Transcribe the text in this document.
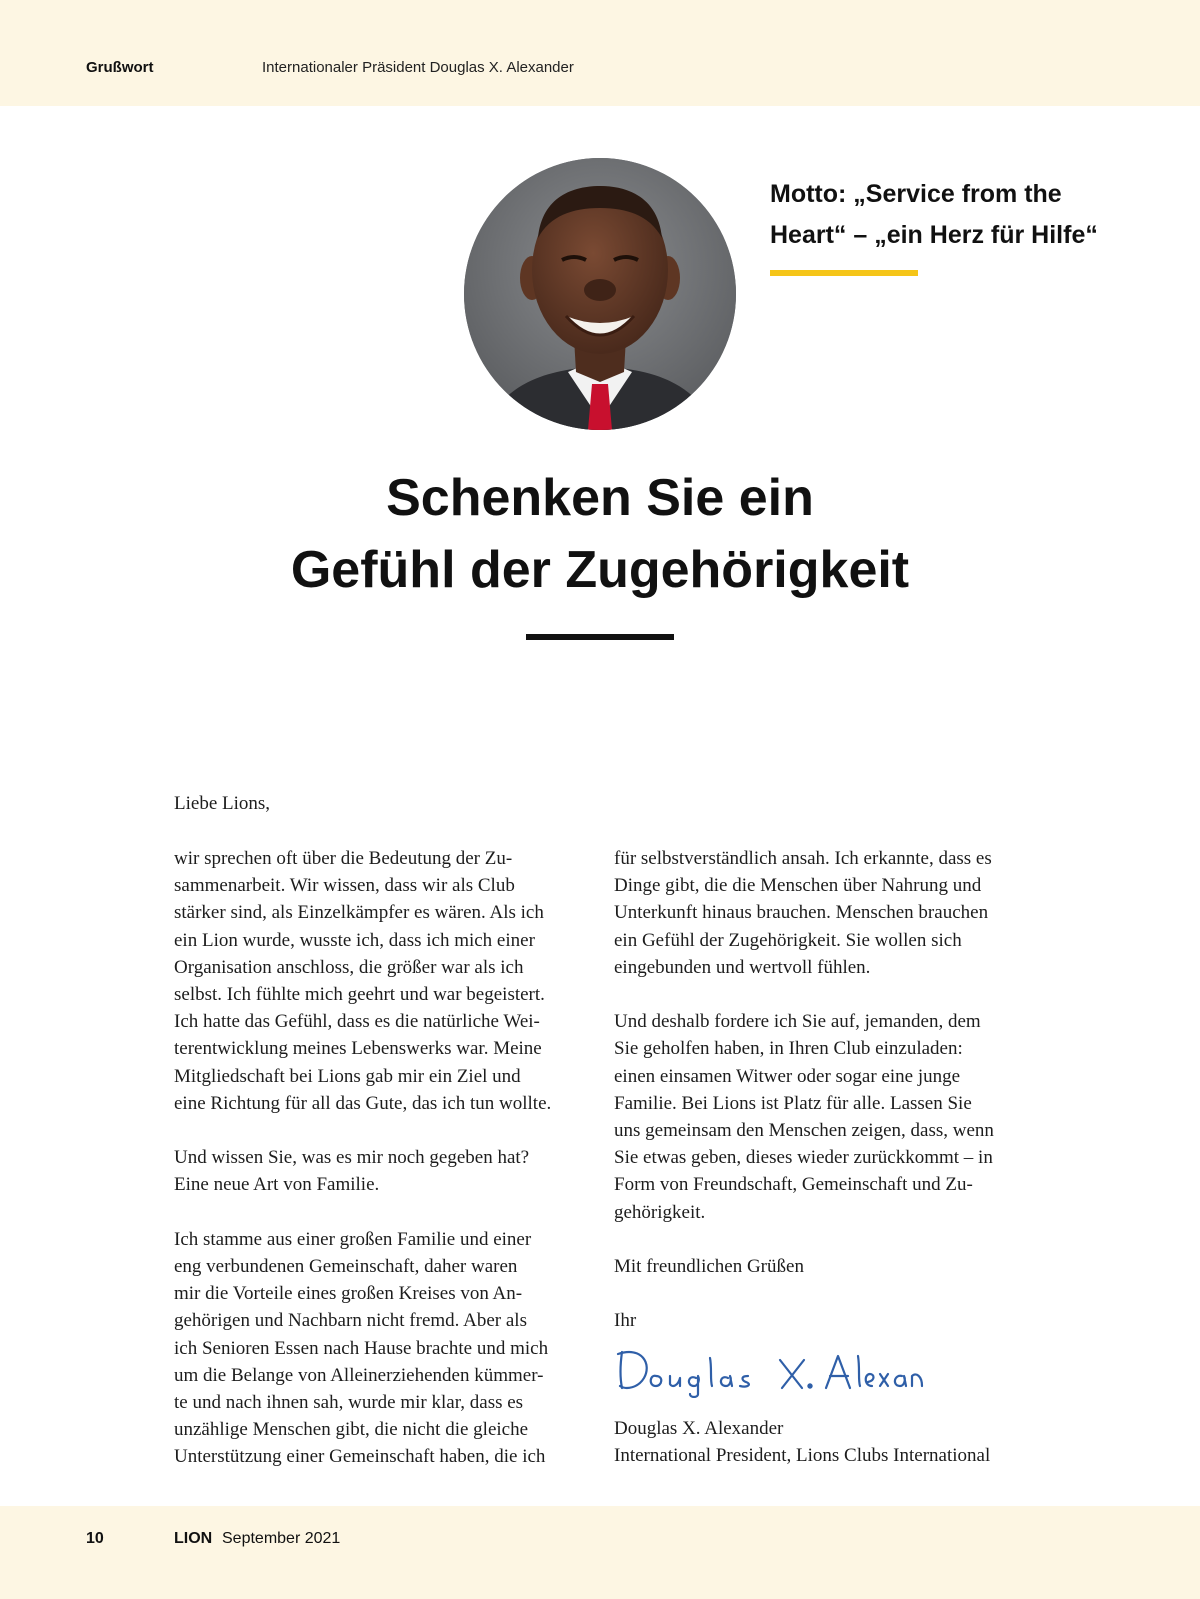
Grußwort	Internationaler Präsident Douglas X. Alexander
Motto: „Service from the
Heart“ – „ein Herz für Hilfe“
Schenken Sie ein
Gefühl der Zugehörigkeit
Liebe Lions,

wir sprechen oft über die Bedeutung der Zu-
sammenarbeit. Wir wissen, dass wir als Club
stärker sind, als Einzelkämpfer es wären. Als ich
ein Lion wurde, wusste ich, dass ich mich einer
Organisation anschloss, die größer war als ich
selbst. Ich fühlte mich geehrt und war begeistert.
Ich hatte das Gefühl, dass es die natürliche Wei-
terentwicklung meines Lebenswerks war. Meine
Mitgliedschaft bei Lions gab mir ein Ziel und
eine Richtung für all das Gute, das ich tun wollte.

Und wissen Sie, was es mir noch gegeben hat?
Eine neue Art von Familie.

Ich stamme aus einer großen Familie und einer
eng verbundenen Gemeinschaft, daher waren
mir die Vorteile eines großen Kreises von An-
gehörigen und Nachbarn nicht fremd. Aber als
ich Senioren Essen nach Hause brachte und mich
um die Belange von Alleinerziehenden kümmer-
te und nach ihnen sah, wurde mir klar, dass es
unzählige Menschen gibt, die nicht die gleiche
Unterstützung einer Gemeinschaft haben, die ich

für selbstverständlich ansah. Ich erkannte, dass es
Dinge gibt, die die Menschen über Nahrung und
Unterkunft hinaus brauchen. Menschen brauchen
ein Gefühl der Zugehörigkeit. Sie wollen sich
eingebunden und wertvoll fühlen.

Und deshalb fordere ich Sie auf, jemanden, dem
Sie geholfen haben, in Ihren Club einzuladen:
einen einsamen Witwer oder sogar eine junge
Familie. Bei Lions ist Platz für alle. Lassen Sie
uns gemeinsam den Menschen zeigen, dass, wenn
Sie etwas geben, dieses wieder zurückkommt – in
Form von Freundschaft, Gemeinschaft und Zu-
gehörigkeit.

Mit freundlichen Grüßen

Ihr

Douglas X. Alexander
International President, Lions Clubs International
10	LION September 2021
